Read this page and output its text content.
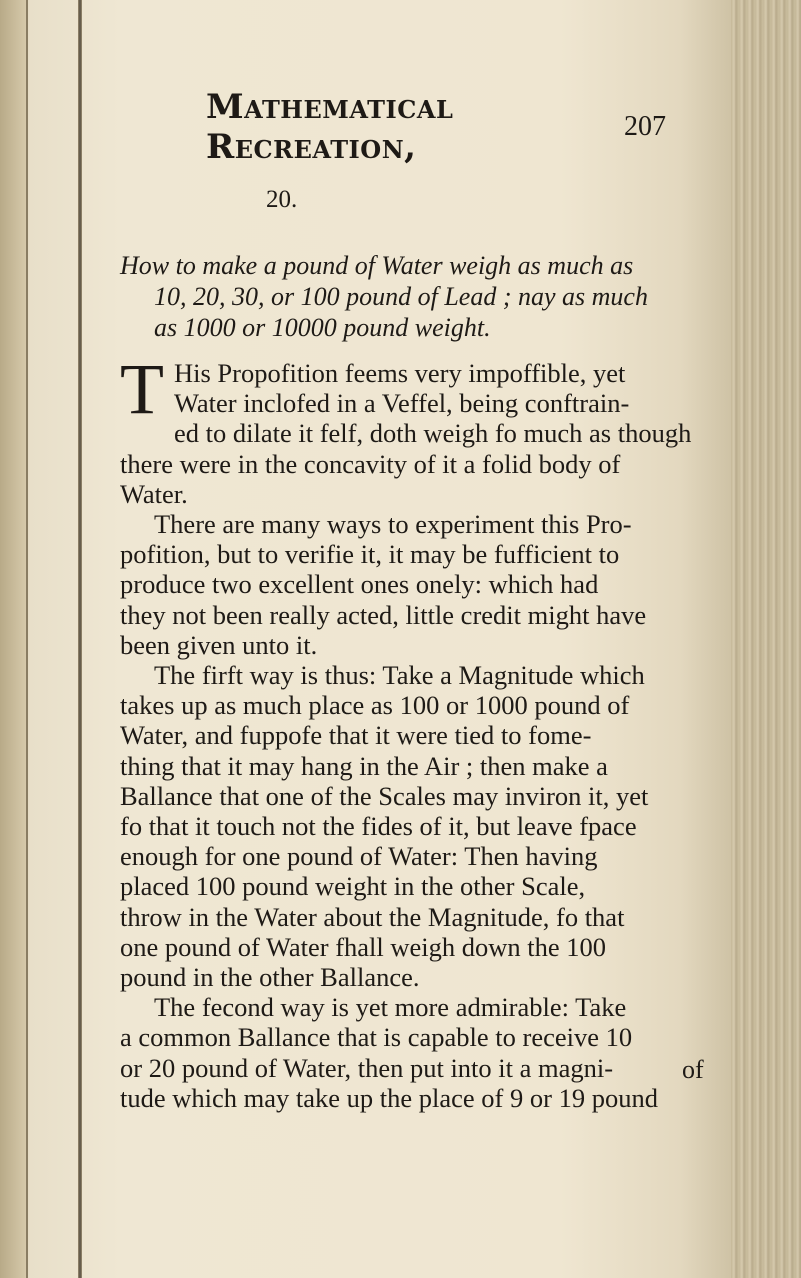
Mathematical Recreation,
207
20.
How to make a pound of Water weigh as much as
10, 20, 30, or 100 pound of Lead ; nay as much
as 1000 or 10000 pound weight.
T His Propofition feems very impoffible, yet
Water inclofed in a Veffel, being conftrain-
ed to dilate it felf, doth weigh fo much as though
there were in the concavity of it a folid body of
Water.
There are many ways to experiment this Pro-
pofition, but to verifie it, it may be fufficient to
produce two excellent ones onely: which had
they not been really acted, little credit might have
been given unto it.
The firft way is thus: Take a Magnitude which
takes up as much place as 100 or 1000 pound of
Water, and fuppofe that it were tied to fome-
thing that it may hang in the Air ; then make a
Ballance that one of the Scales may inviron it, yet
fo that it touch not the fides of it, but leave fpace
enough for one pound of Water: Then having
placed 100 pound weight in the other Scale,
throw in the Water about the Magnitude, fo that
one pound of Water fhall weigh down the 100
pound in the other Ballance.
The fecond way is yet more admirable: Take
a common Ballance that is capable to receive 10
or 20 pound of Water, then put into it a magni-
tude which may take up the place of 9 or 19 pound
of
